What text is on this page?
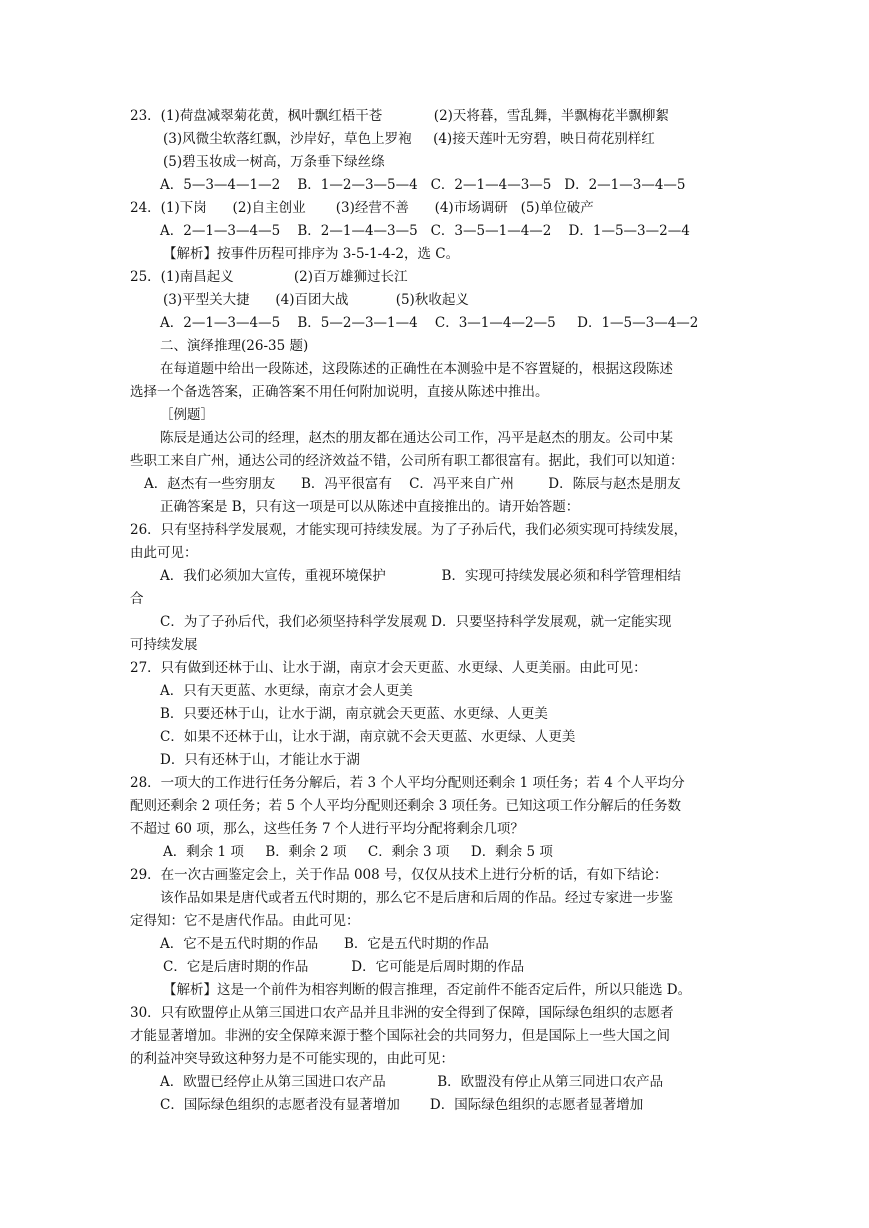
23．(1)荷盘减翠菊花黄，枫叶飘红梧干苍            (2)天将暮，雪乱舞，半飘梅花半飘柳絮
(3)风微尘软落红飘，沙岸好，草色上罗袍     (4)接天莲叶无穷碧，映日荷花别样红
(5)碧玉妆成一树高，万条垂下绿丝绦
A．5—3—4—1—2    B．1—2—3—5—4   C．2—1—4—3—5   D．2—1—3—4—5
24．(1)下岗      (2)自主创业       (3)经营不善      (4)市场调研   (5)单位破产
A．2—1—3—4—5    B．2—1—4—3—5   C．3—5—1—4—2    D．1—5—3—2—4
【解析】按事件历程可排序为 3-5-1-4-2，选 C。
25．(1)南昌起义              (2)百万雄狮过长江
(3)平型关大捷      (4)百团大战           (5)秋收起义
A．2—1—3—4—5    B．5—2—3—1—4    C．3—1—4—2—5     D．1—5—3—4—2
二、演绎推理(26-35 题)
在每道题中给出一段陈述，这段陈述的正确性在本测验中是不容置疑的，根据这段陈述
选择一个备选答案，正确答案不用任何附加说明，直接从陈述中推出。
［例题］
陈辰是通达公司的经理，赵杰的朋友都在通达公司工作，冯平是赵杰的朋友。公司中某
些职工来自广州，通达公司的经济效益不错，公司所有职工都很富有。据此，我们可以知道：
A．赵杰有一些穷朋友      B．冯平很富有    C．冯平来自广州        D．陈辰与赵杰是朋友
正确答案是 B，只有这一项是可以从陈述中直接推出的。请开始答题：
26．只有坚持科学发展观，才能实现可持续发展。为了子孙后代，我们必须实现可持续发展，
由此可见：
A．我们必须加大宣传，重视环境保护             B．实现可持续发展必须和科学管理相结
合
C．为了子孙后代，我们必须坚持科学发展观 D．只要坚持科学发展观，就一定能实现
可持续发展
27．只有做到还林于山、让水于湖，南京才会天更蓝、水更绿、人更美丽。由此可见：
A．只有天更蓝、水更绿，南京才会人更美
B．只要还林于山，让水于湖，南京就会天更蓝、水更绿、人更美
C．如果不还林于山，让水于湖，南京就不会天更蓝、水更绿、人更美
D．只有还林于山，才能让水于湖
28．一项大的工作进行任务分解后，若 3 个人平均分配则还剩余 1 项任务；若 4 个人平均分
配则还剩余 2 项任务；若 5 个人平均分配则还剩余 3 项任务。已知这项工作分解后的任务数
不超过 60 项，那么，这些任务 7 个人进行平均分配将剩余几项？
A．剩余 1 项     B．剩余 2 项     C．剩余 3 项     D．剩余 5 项
29．在一次古画鉴定会上，关于作品 008 号，仅仅从技术上进行分析的话，有如下结论：
该作品如果是唐代或者五代时期的，那么它不是后唐和后周的作品。经过专家进一步鉴
定得知：它不是唐代作品。由此可见：
A．它不是五代时期的作品      B．它是五代时期的作品
C．它是后唐时期的作品          D．它可能是后周时期的作品
【解析】这是一个前件为相容判断的假言推理，否定前件不能否定后件，所以只能选 D。
30．只有欧盟停止从第三国进口农产品并且非洲的安全得到了保障，国际绿色组织的志愿者
才能显著增加。非洲的安全保障来源于整个国际社会的共同努力，但是国际上一些大国之间
的利益冲突导致这种努力是不可能实现的，由此可见：
A．欧盟已经停止从第三国进口农产品            B．欧盟没有停止从第三同进口农产品
C．国际绿色组织的志愿者没有显著增加       D．国际绿色组织的志愿者显著增加
